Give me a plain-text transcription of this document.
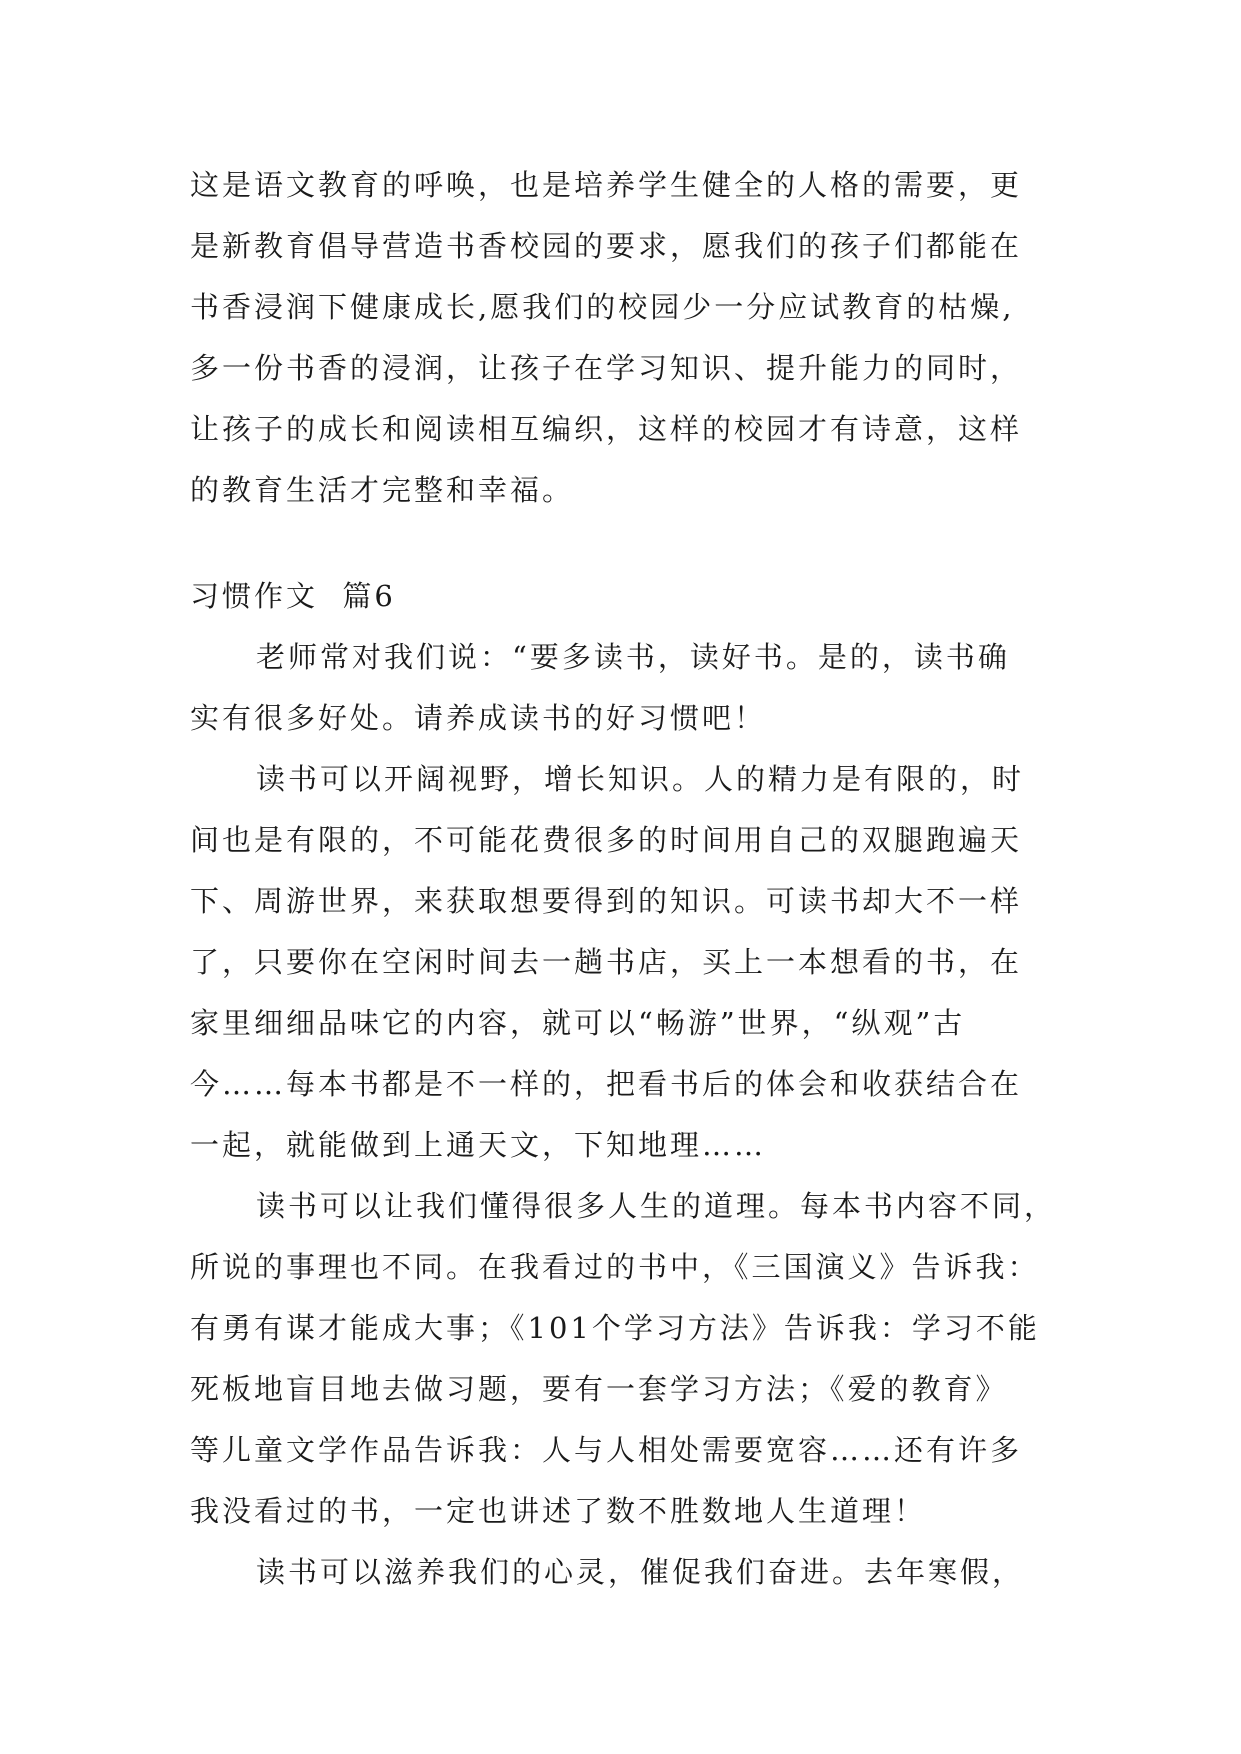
这是语文教育的呼唤，也是培养学生健全的人格的需要，更
是新教育倡导营造书香校园的要求，愿我们的孩子们都能在
书香浸润下健康成长,愿我们的校园少一分应试教育的枯燥,
多一份书香的浸润，让孩子在学习知识、提升能力的同时，
让孩子的成长和阅读相互编织，这样的校园才有诗意，这样
的教育生活才完整和幸福。
习惯作文  篇6
老师常对我们说：“要多读书，读好书。是的，读书确
实有很多好处。请养成读书的好习惯吧！
读书可以开阔视野，增长知识。人的精力是有限的，时
间也是有限的，不可能花费很多的时间用自己的双腿跑遍天
下、周游世界，来获取想要得到的知识。可读书却大不一样
了，只要你在空闲时间去一趟书店，买上一本想看的书，在
家里细细品味它的内容，就可以“畅游”世界，“纵观”古
今……每本书都是不一样的，把看书后的体会和收获结合在
一起，就能做到上通天文，下知地理……
读书可以让我们懂得很多人生的道理。每本书内容不同，
所说的事理也不同。在我看过的书中，《三国演义》告诉我：
有勇有谋才能成大事；《101个学习方法》告诉我：学习不能
死板地盲目地去做习题，要有一套学习方法；《爱的教育》
等儿童文学作品告诉我：人与人相处需要宽容……还有许多
我没看过的书，一定也讲述了数不胜数地人生道理！
读书可以滋养我们的心灵，催促我们奋进。去年寒假，
